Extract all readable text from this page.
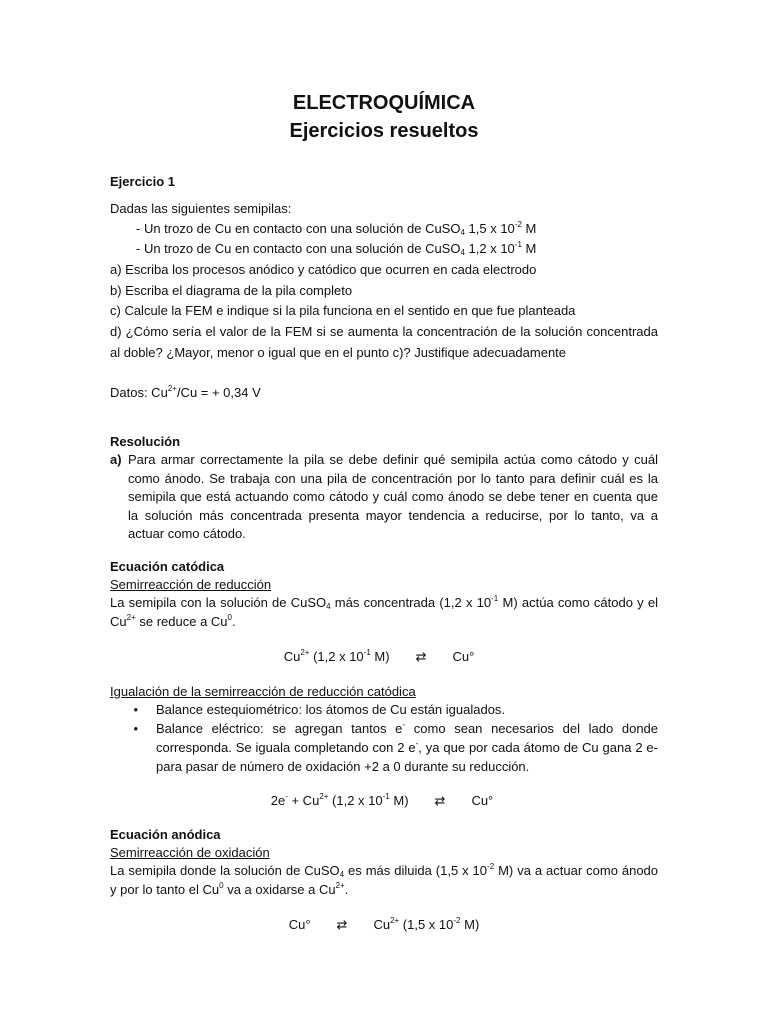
ELECTROQUÍMICA
Ejercicios resueltos
Ejercicio 1
Dadas las siguientes semipilas:
- Un trozo de Cu en contacto con una solución de CuSO$_4$ 1,5 x $10^{-2}$ M
- Un trozo de Cu en contacto con una solución de CuSO$_4$ 1,2 x $10^{-1}$ M
a) Escriba los procesos anódico y catódico que ocurren en cada electrodo
b) Escriba el diagrama de la pila completo
c) Calcule la FEM e indique si la pila funciona en el sentido en que fue planteada
d) ¿Cómo sería el valor de la FEM si se aumenta la concentración de la solución concentrada al doble? ¿Mayor, menor o igual que en el punto c)? Justifique adecuadamente
Datos: $Cu^{2+}/Cu$ = + 0,34 V
Resolución
a) Para armar correctamente la pila se debe definir qué semipila actúa como cátodo y cuál como ánodo. Se trabaja con una pila de concentración por lo tanto para definir cuál es la semipila que está actuando como cátodo y cuál como ánodo se debe tener en cuenta que la solución más concentrada presenta mayor tendencia a reducirse, por lo tanto, va a actuar como cátodo.
Ecuación catódica
Semirreacción de reducción
La semipila con la solución de CuSO$_4$ más concentrada (1,2 x $10^{-1}$ M) actúa como cátodo y el $Cu^{2+}$ se reduce a Cu$^0$.
$Cu^{2+}$ (1,2 x $10^{-1}$ M) ⇄ Cu°
Igualación de la semirreacción de reducción catódica
•	Balance estequiométrico: los átomos de Cu están igualados.
•	Balance eléctrico: se agregan tantos e- como sean necesarios del lado donde corresponda. Se iguala completando con 2 e-, ya que por cada átomo de Cu gana 2 e- para pasar de número de oxidación +2 a 0 durante su reducción.
$2e^- + Cu^{2+}$ (1,2 x $10^{-1}$ M) ⇄ Cu°
Ecuación anódica
Semirreacción de oxidación
La semipila donde la solución de CuSO$_4$ es más diluida (1,5 x $10^{-2}$ M) va a actuar como ánodo y por lo tanto el Cu$^0$ va a oxidarse a $Cu^{2+}$.
Cu° ⇄ $Cu^{2+}$ (1,5 x $10^{-2}$ M)
